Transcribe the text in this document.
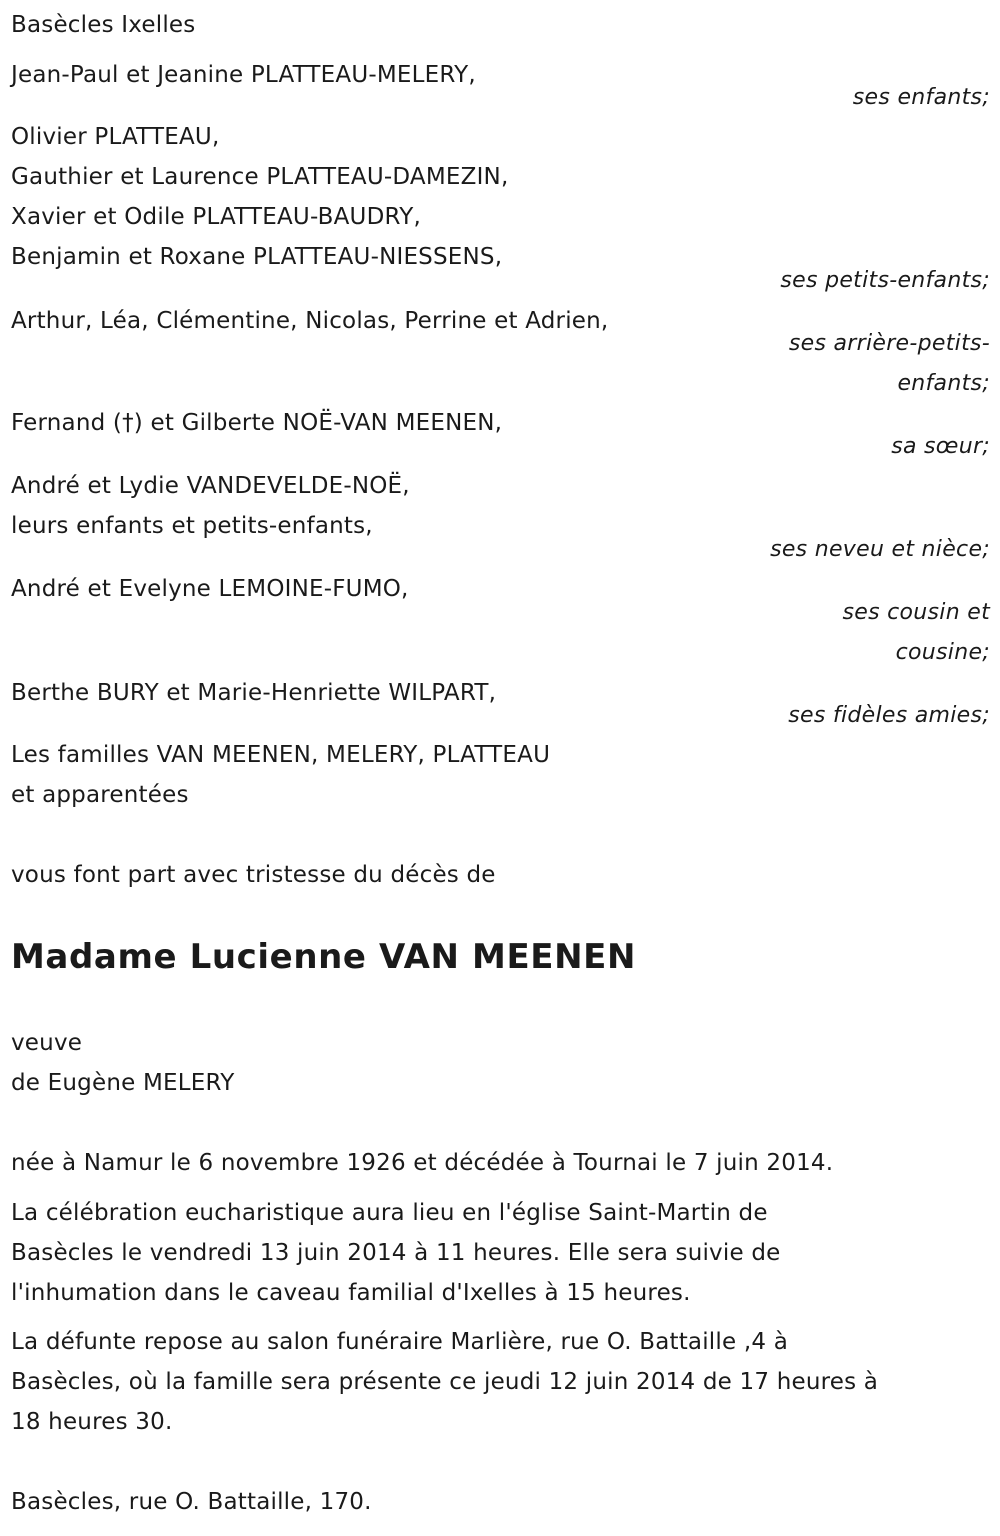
Basècles Ixelles
Jean-Paul et Jeanine PLATTEAU-MELERY,
ses enfants;
Olivier PLATTEAU,
Gauthier et Laurence PLATTEAU-DAMEZIN,
Xavier et Odile PLATTEAU-BAUDRY,
Benjamin et Roxane PLATTEAU-NIESSENS,
ses petits-enfants;
Arthur, Léa, Clémentine, Nicolas, Perrine et Adrien,
ses arrière-petits-
enfants;
Fernand (†) et Gilberte NOË-VAN MEENEN,
sa sœur;
André et Lydie VANDEVELDE-NOË,
leurs enfants et petits-enfants,
ses neveu et nièce;
André et Evelyne LEMOINE-FUMO,
ses cousin et
cousine;
Berthe BURY et Marie-Henriette WILPART,
ses fidèles amies;
Les familles VAN MEENEN, MELERY, PLATTEAU
et apparentées
vous font part avec tristesse du décès de
Madame Lucienne VAN MEENEN
veuve
de Eugène MELERY
née à Namur le 6 novembre 1926 et décédée à Tournai le 7 juin 2014.
La célébration eucharistique aura lieu en l'église Saint-Martin de
Basècles le vendredi 13 juin 2014 à 11 heures. Elle sera suivie de
l'inhumation dans le caveau familial d'Ixelles à 15 heures.
La défunte repose au salon funéraire Marlière, rue O. Battaille ,4 à
Basècles, où la famille sera présente ce jeudi 12 juin 2014 de 17 heures à
18 heures 30.
Basècles, rue O. Battaille, 170.
